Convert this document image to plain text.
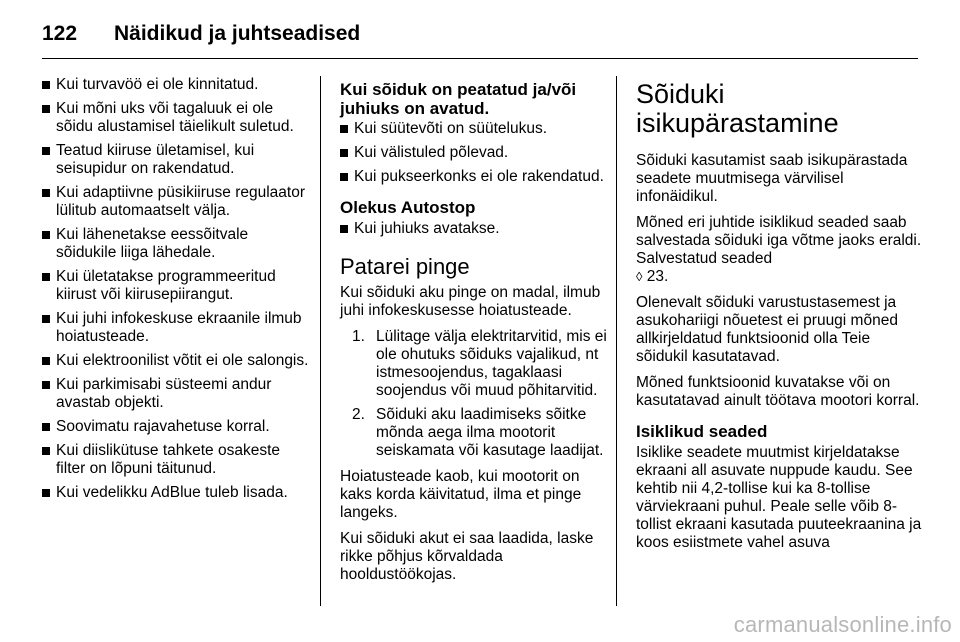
122	Näidikud ja juhtseadised
Kui turvavöö ei ole kinnitatud.
Kui mõni uks või tagaluuk ei ole sõidu alustamisel täielikult suletud.
Teatud kiiruse ületamisel, kui seisupidur on rakendatud.
Kui adaptiivne püsikiiruse regulaator lülitub automaatselt välja.
Kui lähenetakse eessõitvale sõidukile liiga lähedale.
Kui ületatakse programmeeritud kiirust või kiirusepiirangut.
Kui juhi infokeskuse ekraanile ilmub hoiatusteade.
Kui elektroonilist võtit ei ole salongis.
Kui parkimisabi süsteemi andur avastab objekti.
Soovimatu rajavahetuse korral.
Kui diislikütuse tahkete osakeste filter on lõpuni täitunud.
Kui vedelikku AdBlue tuleb lisada.
Kui sõiduk on peatatud ja/või juhiuks on avatud.
Kui süütevõti on süütelukus.
Kui välistuled põlevad.
Kui pukseerkonks ei ole rakendatud.
Olekus Autostop
Kui juhiuks avatakse.
Patarei pinge

Kui sõiduki aku pinge on madal, ilmub juhi infokeskusesse hoiatusteade.

1. Lülitage välja elektritarvitid, mis ei ole ohutuks sõiduks vajalikud, nt istmesoojendus, tagaklaasi soojendus või muud põhitarvitid.
2. Sõiduki aku laadimiseks sõitke mõnda aega ilma mootorit seiskamata või kasutage laadijat.

Hoiatusteade kaob, kui mootorit on kaks korda käivitatud, ilma et pinge langeks.

Kui sõiduki akut ei saa laadida, laske rikke põhjus kõrvaldada hooldustöökojas.

Sõiduki
isikupärastamine

Sõiduki kasutamist saab isikupärastada seadete muutmisega värvilisel infonäidikul.

Mõned eri juhtide isiklikud seaded saab salvestada sõiduki iga võtme jaoks eraldi. Salvestatud seaded
◊ 23.

Olenevalt sõiduki varustustasemest ja asukohariigi nõuetest ei pruugi mõned allkirjeldatud funktsioonid olla Teie sõidukil kasutatavad.

Mõned funktsioonid kuvatakse või on kasutatavad ainult töötava mootori korral.

Isiklikud seaded

Isiklike seadete muutmist kirjeldatakse ekraani all asuvate nuppude kaudu. See kehtib nii 4,2-tollise kui ka 8-tollise värviekraani puhul. Peale selle võib 8-tollist ekraani kasutada puuteekraanina ja koos esiistmete vahel asuva

carmanualsonline.info
